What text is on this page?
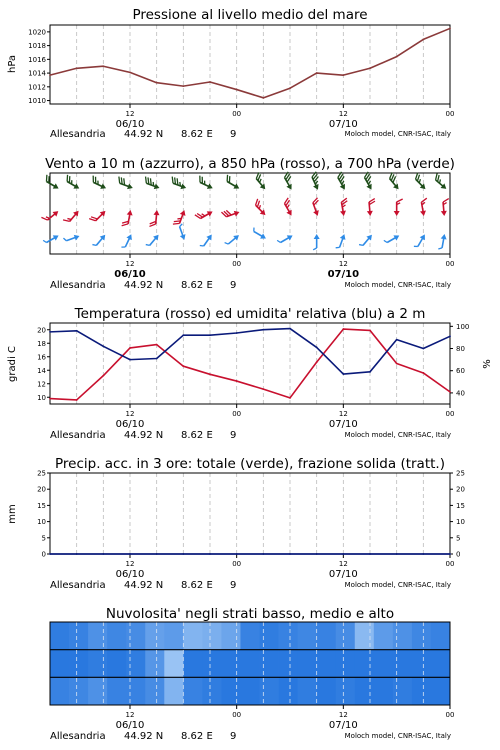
Pressione al livello medio del mare
Vento a 10 m (azzurro), a 850 hPa (rosso), a 700 hPa (verde)
Temperatura (rosso) ed umidita' relativa (blu) a 2 m
Precip. acc. in 3 ore: totale (verde), frazione solida (tratt.)
Nuvolosita' negli strati basso, medio e alto
hPa
gradi C	%
mm
Allesandria 44.92 N 8.62 E 9	Moloch model, CNR-ISAC, Italy
Allesandria 44.92 N 8.62 E 9	Moloch model, CNR-ISAC, Italy
Allesandria 44.92 N 8.62 E 9	Moloch model, CNR-ISAC, Italy
Allesandria 44.92 N 8.62 E 9	Moloch model, CNR-ISAC, Italy
Allesandria 44.92 N 8.62 E 9	Moloch model, CNR-ISAC, Italy
12	00	12	00
06/10	07/10
12	00	12	00
06/10	07/10
12	00	12	00
06/10	07/10
12	00	12	00
06/10	07/10
12	00	12	00
06/10	07/10
1010
1012
1014
1016
1018
1020
10
12
14
16
18
20
40
60
80
100
0
5
10
15
20
25
0
5
10
15
20
25
